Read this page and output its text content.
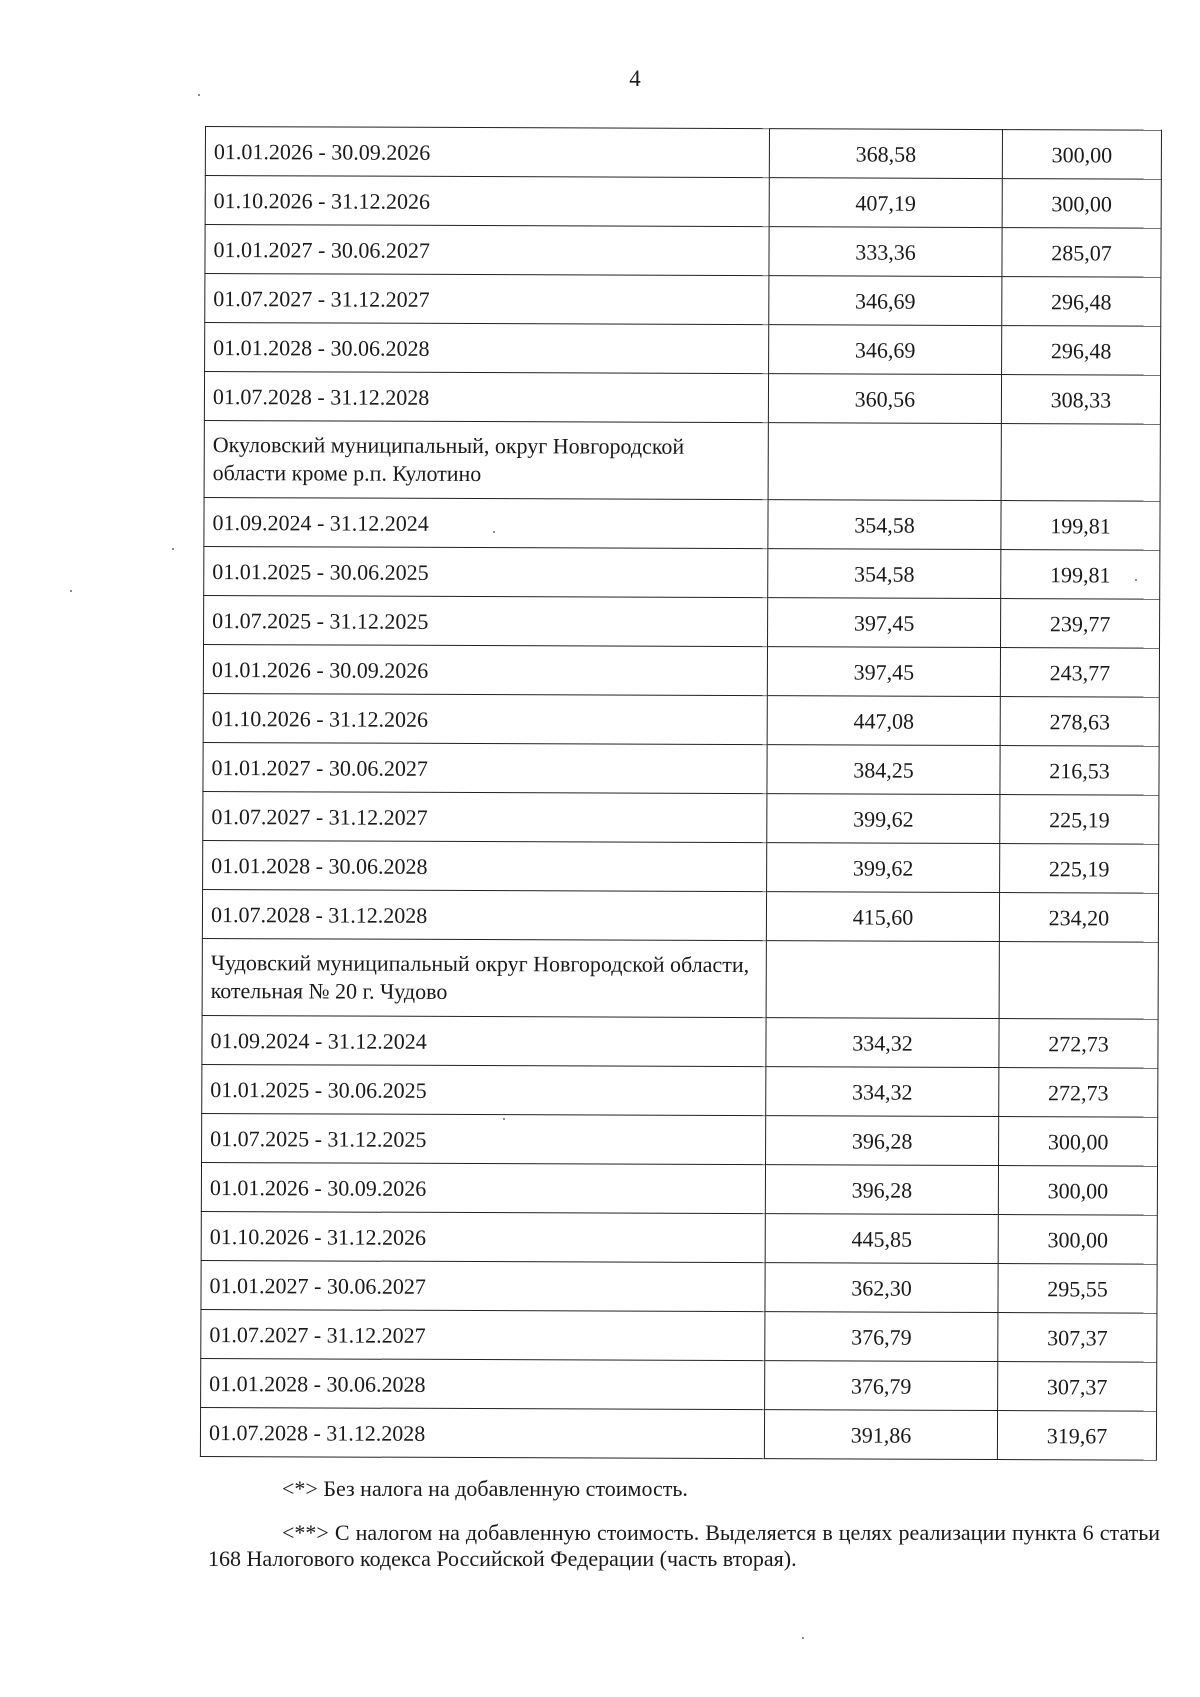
4
01.01.2026 - 30.09.2026	368,58	300,00
01.10.2026 - 31.12.2026	407,19	300,00
01.01.2027 - 30.06.2027	333,36	285,07
01.07.2027 - 31.12.2027	346,69	296,48
01.01.2028 - 30.06.2028	346,69	296,48
01.07.2028 - 31.12.2028	360,56	308,33
Окуловский муниципальный, округ Новгородской области кроме р.п. Кулотино		
01.09.2024 - 31.12.2024	354,58	199,81
01.01.2025 - 30.06.2025	354,58	199,81
01.07.2025 - 31.12.2025	397,45	239,77
01.01.2026 - 30.09.2026	397,45	243,77
01.10.2026 - 31.12.2026	447,08	278,63
01.01.2027 - 30.06.2027	384,25	216,53
01.07.2027 - 31.12.2027	399,62	225,19
01.01.2028 - 30.06.2028	399,62	225,19
01.07.2028 - 31.12.2028	415,60	234,20
Чудовский муниципальный округ Новгородской области, котельная № 20 г. Чудово		
01.09.2024 - 31.12.2024	334,32	272,73
01.01.2025 - 30.06.2025	334,32	272,73
01.07.2025 - 31.12.2025	396,28	300,00
01.01.2026 - 30.09.2026	396,28	300,00
01.10.2026 - 31.12.2026	445,85	300,00
01.01.2027 - 30.06.2027	362,30	295,55
01.07.2027 - 31.12.2027	376,79	307,37
01.01.2028 - 30.06.2028	376,79	307,37
01.07.2028 - 31.12.2028	391,86	319,67

<*> Без налога на добавленную стоимость.

<**> С налогом на добавленную стоимость. Выделяется в целях реализации пункта 6 статьи 168 Налогового кодекса Российской Федерации (часть вторая).
